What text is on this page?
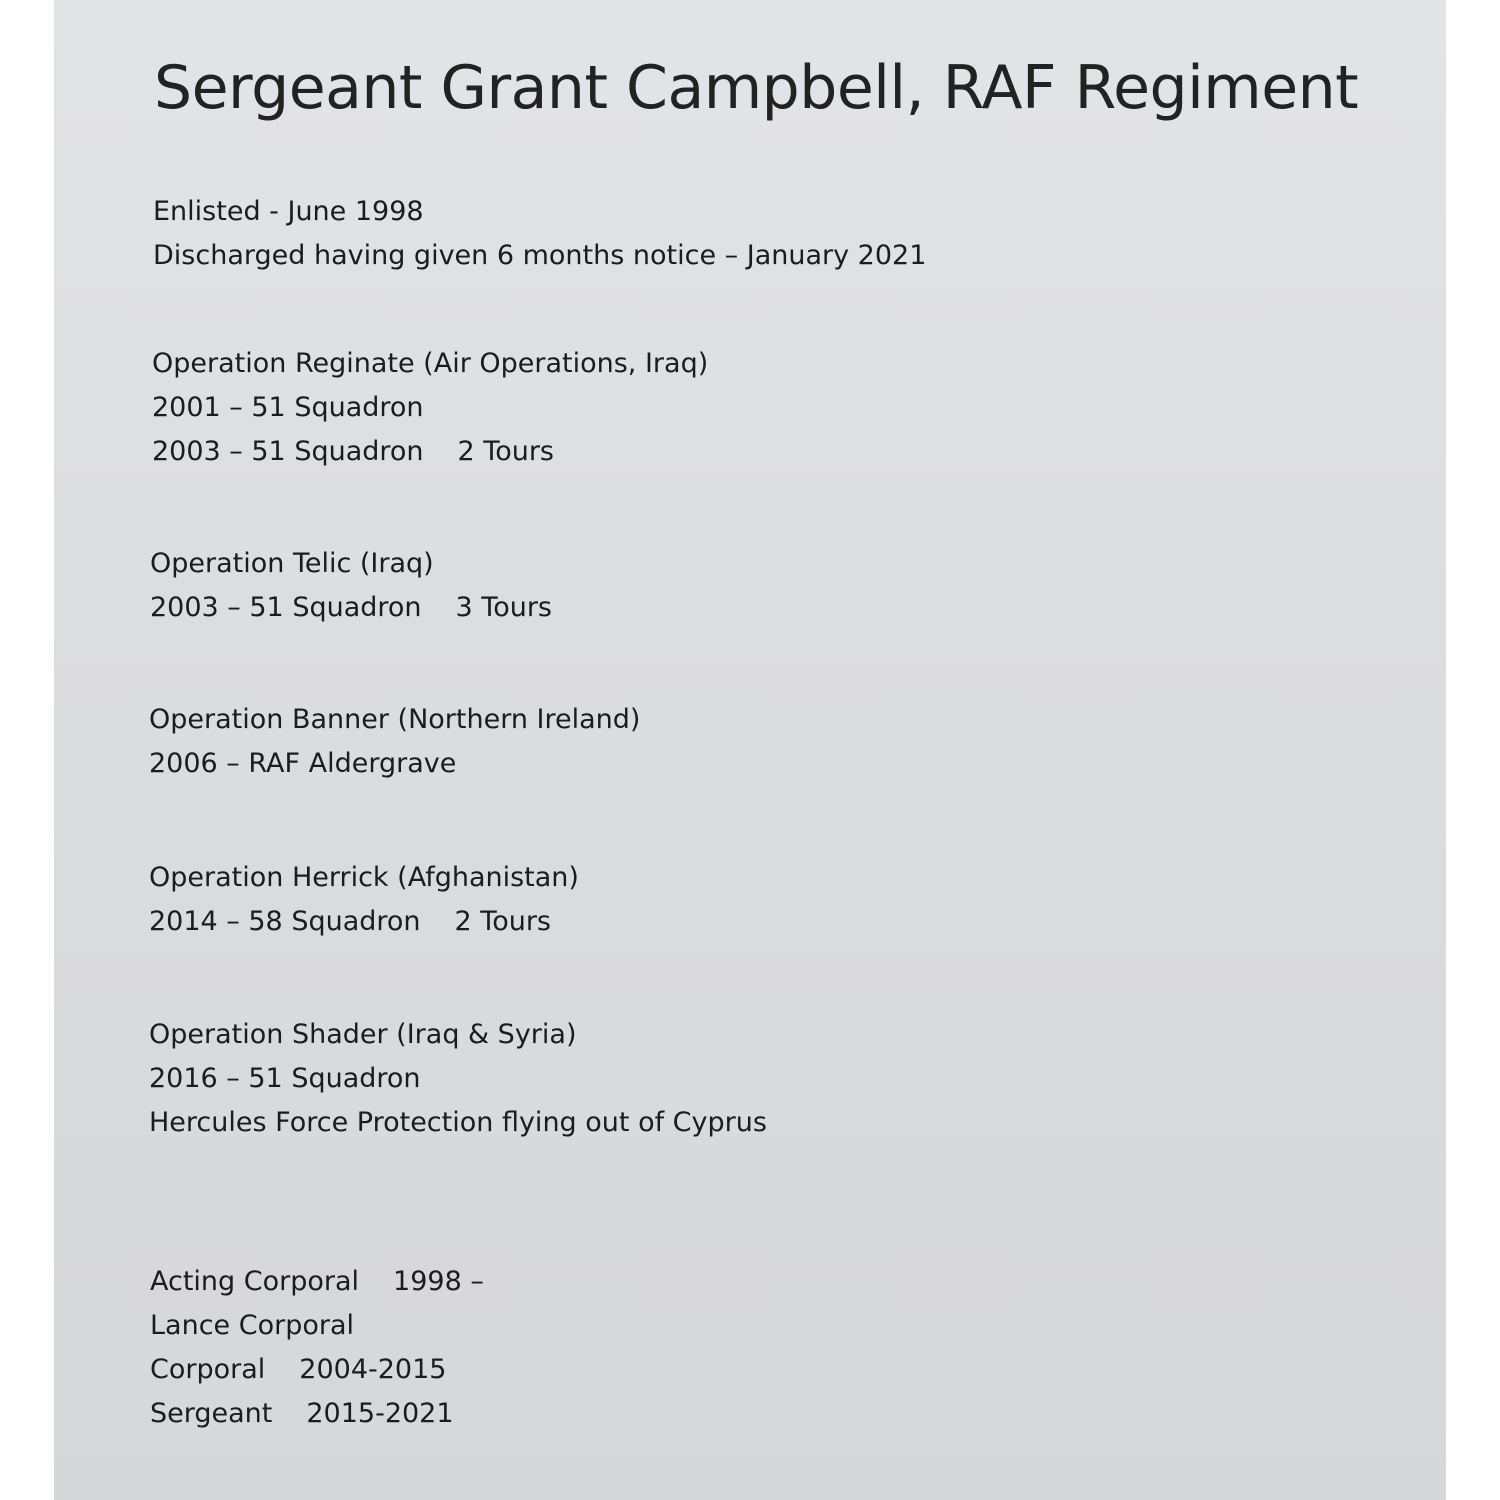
Sergeant Grant Campbell, RAF Regiment
Enlisted - June 1998
Discharged having given 6 months notice – January 2021
Operation Reginate (Air Operations, Iraq)
2001 – 51 Squadron
2003 – 51 Squadron 2 Tours
Operation Telic (Iraq)
2003 – 51 Squadron 3 Tours
Operation Banner (Northern Ireland)
2006 – RAF Aldergrave
Operation Herrick (Afghanistan)
2014 – 58 Squadron 2 Tours
Operation Shader (Iraq & Syria)
2016 – 51 Squadron
Hercules Force Protection flying out of Cyprus
Acting Corporal 1998 –
Lance Corporal
Corporal 2004-2015
Sergeant 2015-2021
